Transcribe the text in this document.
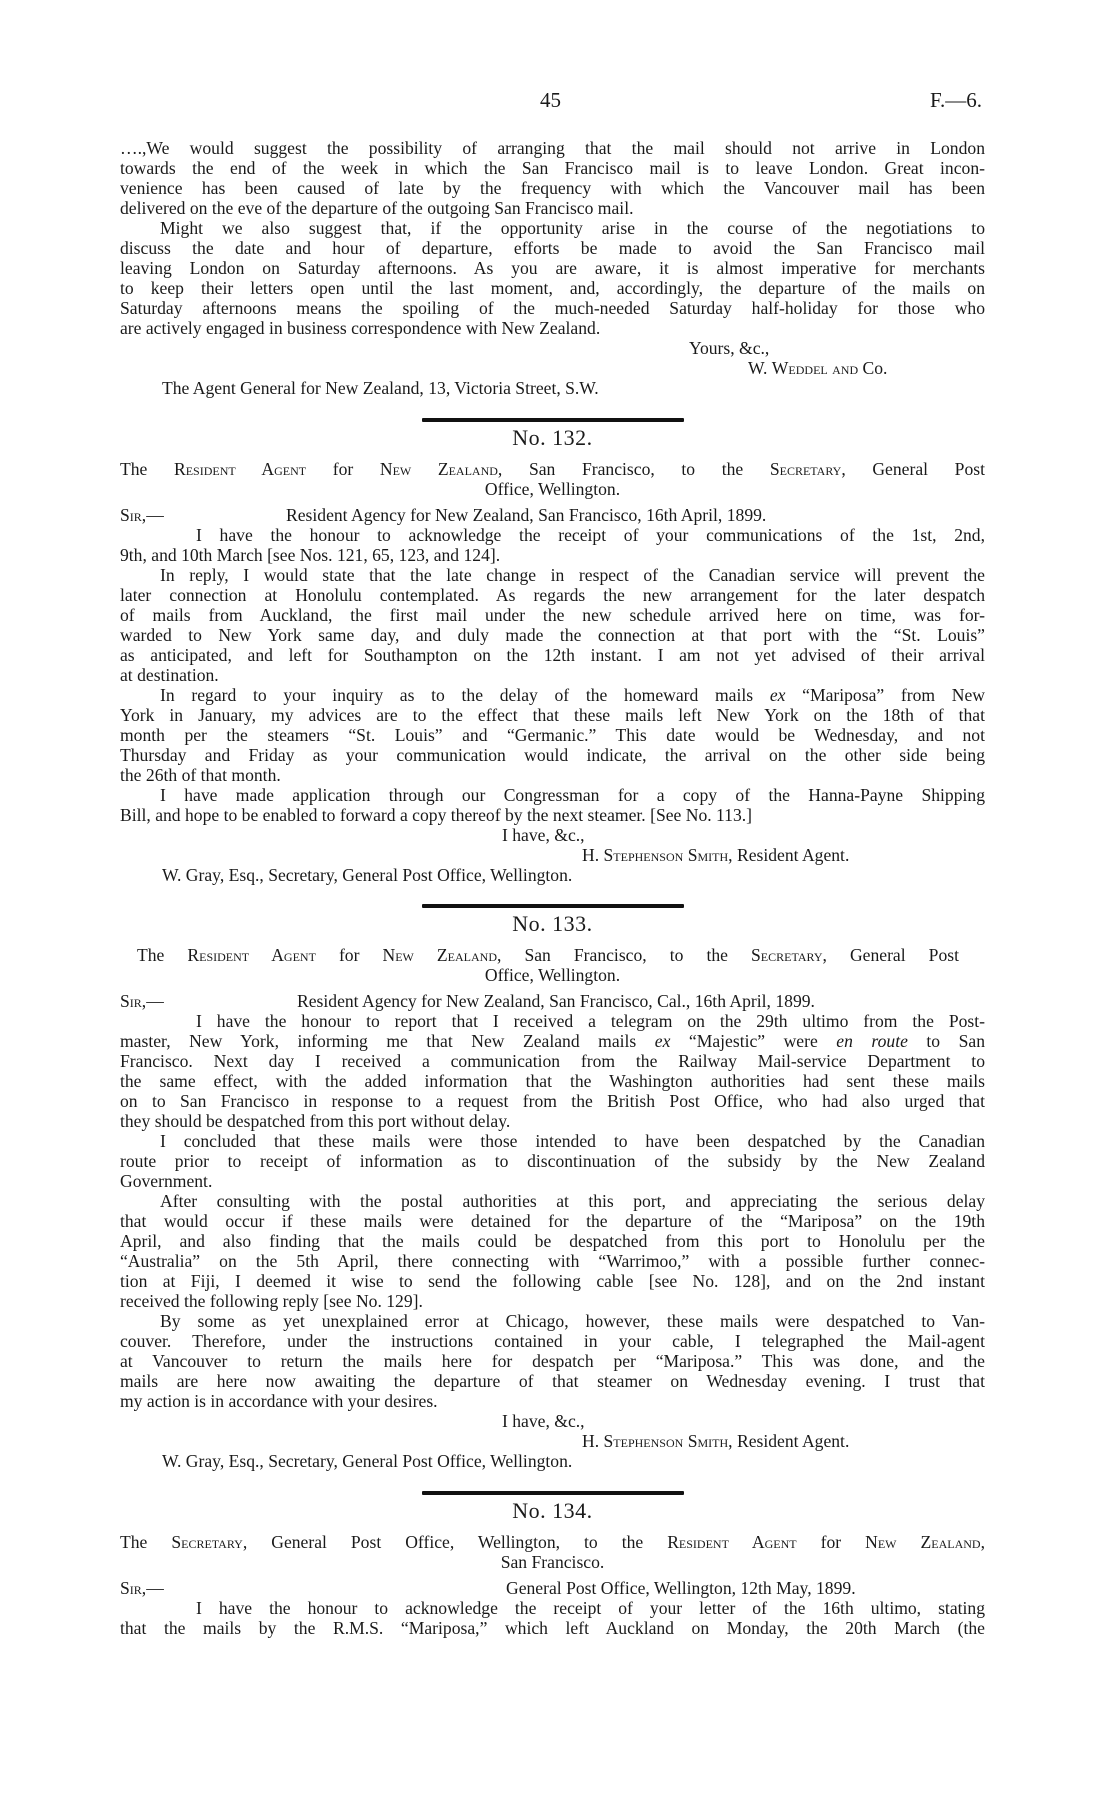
45	F.—6.
….,We would suggest the possibility of arranging that the mail should not arrive in London
towards the end of the week in which the San Francisco mail is to leave London. Great incon-
venience has been caused of late by the frequency with which the Vancouver mail has been
delivered on the eve of the departure of the outgoing San Francisco mail.
Might we also suggest that, if the opportunity arise in the course of the negotiations to
discuss the date and hour of departure, efforts be made to avoid the San Francisco mail
leaving London on Saturday afternoons. As you are aware, it is almost imperative for merchants
to keep their letters open until the last moment, and, accordingly, the departure of the mails on
Saturday afternoons means the spoiling of the much-needed Saturday half-holiday for those who
are actively engaged in business correspondence with New Zealand.
Yours, &c.,
W. Weddel and Co.
The Agent General for New Zealand, 13, Victoria Street, S.W.
No. 132.
The Resident Agent for New Zealand, San Francisco, to the Secretary, General Post
Office, Wellington.
Sir,—	Resident Agency for New Zealand, San Francisco, 16th April, 1899.
I have the honour to acknowledge the receipt of your communications of the 1st, 2nd,
9th, and 10th March [see Nos. 121, 65, 123, and 124].
In reply, I would state that the late change in respect of the Canadian service will prevent the
later connection at Honolulu contemplated. As regards the new arrangement for the later despatch
of mails from Auckland, the first mail under the new schedule arrived here on time, was for-
warded to New York same day, and duly made the connection at that port with the “St. Louis”
as anticipated, and left for Southampton on the 12th instant. I am not yet advised of their arrival
at destination.
In regard to your inquiry as to the delay of the homeward mails ex “Mariposa” from New
York in January, my advices are to the effect that these mails left New York on the 18th of that
month per the steamers “St. Louis” and “Germanic.” This date would be Wednesday, and not
Thursday and Friday as your communication would indicate, the arrival on the other side being
the 26th of that month.
I have made application through our Congressman for a copy of the Hanna-Payne Shipping
Bill, and hope to be enabled to forward a copy thereof by the next steamer. [See No. 113.]
I have, &c.,
H. Stephenson Smith, Resident Agent.
W. Gray, Esq., Secretary, General Post Office, Wellington.
No. 133.
The Resident Agent for New Zealand, San Francisco, to the Secretary, General Post
Office, Wellington.
Sir,—	Resident Agency for New Zealand, San Francisco, Cal., 16th April, 1899.
I have the honour to report that I received a telegram on the 29th ultimo from the Post-
master, New York, informing me that New Zealand mails ex “Majestic” were en route to San
Francisco. Next day I received a communication from the Railway Mail-service Department to
the same effect, with the added information that the Washington authorities had sent these mails
on to San Francisco in response to a request from the British Post Office, who had also urged that
they should be despatched from this port without delay.
I concluded that these mails were those intended to have been despatched by the Canadian
route prior to receipt of information as to discontinuation of the subsidy by the New Zealand
Government.
After consulting with the postal authorities at this port, and appreciating the serious delay
that would occur if these mails were detained for the departure of the “Mariposa” on the 19th
April, and also finding that the mails could be despatched from this port to Honolulu per the
“Australia” on the 5th April, there connecting with “Warrimoo,” with a possible further connec-
tion at Fiji, I deemed it wise to send the following cable [see No. 128], and on the 2nd instant
received the following reply [see No. 129].
By some as yet unexplained error at Chicago, however, these mails were despatched to Van-
couver. Therefore, under the instructions contained in your cable, I telegraphed the Mail-agent
at Vancouver to return the mails here for despatch per “Mariposa.” This was done, and the
mails are here now awaiting the departure of that steamer on Wednesday evening. I trust that
my action is in accordance with your desires.
I have, &c.,
H. Stephenson Smith, Resident Agent.
W. Gray, Esq., Secretary, General Post Office, Wellington.
No. 134.
The Secretary, General Post Office, Wellington, to the Resident Agent for New Zealand,
San Francisco.
Sir,—	General Post Office, Wellington, 12th May, 1899.
I have the honour to acknowledge the receipt of your letter of the 16th ultimo, stating
that the mails by the R.M.S. “Mariposa,” which left Auckland on Monday, the 20th March (the
